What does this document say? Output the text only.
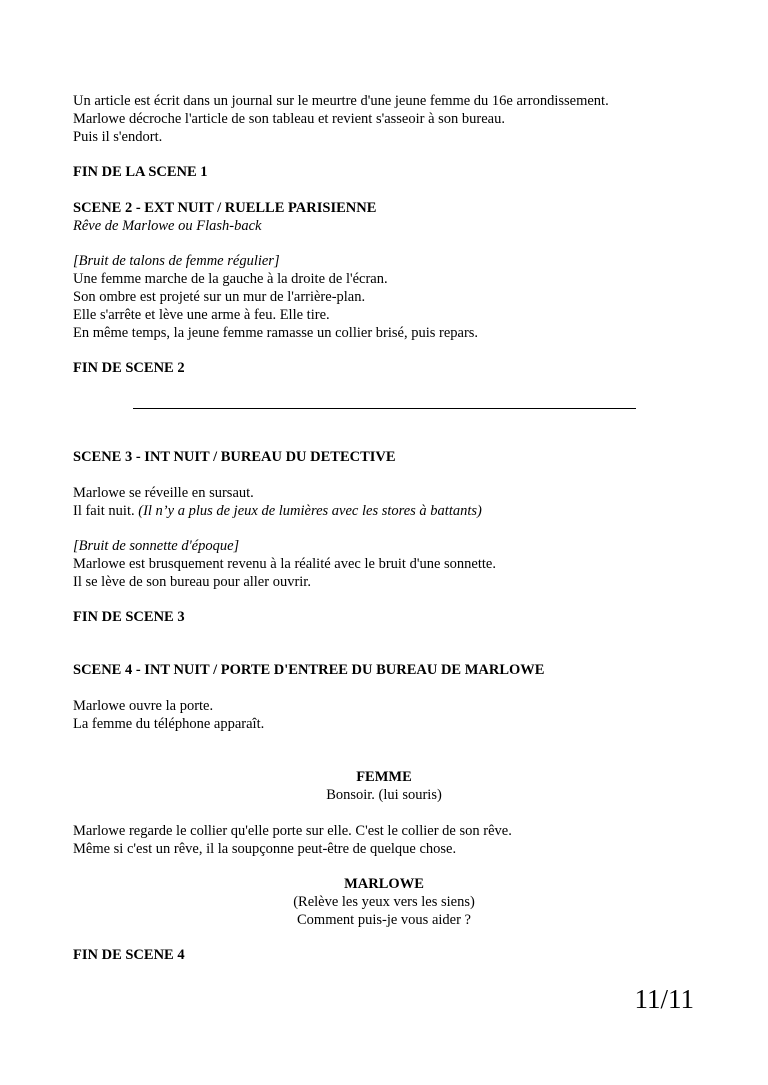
Un article est écrit dans un journal sur le meurtre d'une jeune femme du 16e arrondissement.
Marlowe décroche l'article de son tableau et revient s'asseoir à son bureau.
Puis il s'endort.
FIN DE LA SCENE 1
SCENE 2 - EXT NUIT / RUELLE PARISIENNE
Rêve de Marlowe ou Flash-back
[Bruit de talons de femme régulier]
Une femme marche de la gauche à la droite de l'écran.
Son ombre est projeté sur un mur de l'arrière-plan.
Elle s'arrête et lève une arme à feu. Elle tire.
En même temps, la jeune femme ramasse un collier brisé, puis repars.
FIN DE SCENE 2
SCENE 3 - INT NUIT / BUREAU DU DETECTIVE
Marlowe se réveille en sursaut.
Il fait nuit. (Il n’y a plus de jeux de lumières avec les stores à battants)
[Bruit de sonnette d'époque]
Marlowe est brusquement revenu à la réalité avec le bruit d'une sonnette.
Il se lève de son bureau pour aller ouvrir.
FIN DE SCENE 3
SCENE 4 - INT NUIT / PORTE D'ENTREE DU BUREAU DE MARLOWE
Marlowe ouvre la porte.
La femme du téléphone apparaît.
FEMME
Bonsoir. (lui souris)
Marlowe regarde le collier qu'elle porte sur elle. C'est le collier de son rêve.
Même si c'est un rêve, il la soupçonne peut-être de quelque chose.
MARLOWE
(Relève les yeux vers les siens)
Comment puis-je vous aider ?
FIN DE SCENE 4
11/11
